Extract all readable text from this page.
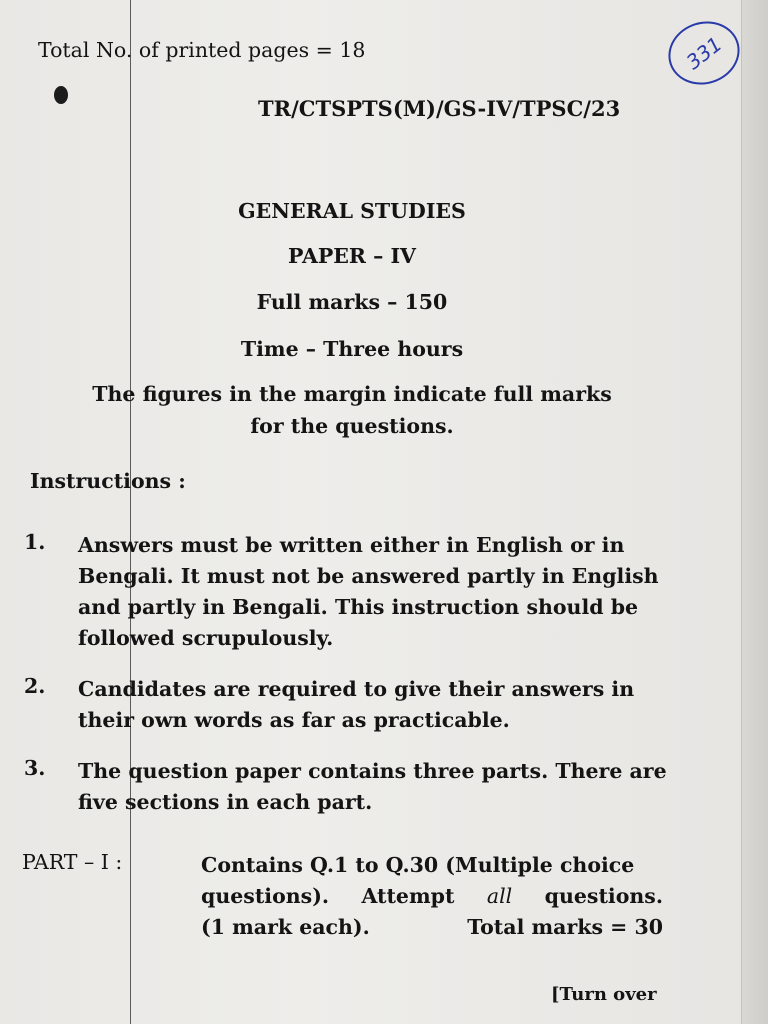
331
Total No. of printed pages = 18
TR/CTSPTS(M)/GS-IV/TPSC/23
GENERAL STUDIES
PAPER – IV
Full marks – 150
Time – Three hours
The figures in the margin indicate full marks
for the questions.
Instructions :
1. Answers must be written either in English or in
Bengali. It must not be answered partly in English
and partly in Bengali. This instruction should be
followed scrupulously.
2. Candidates are required to give their answers in
their own words as far as practicable.
3. The question paper contains three parts. There are
five sections in each part.
PART – I :	Contains Q.1 to Q.30 (Multiple choice
questions). Attempt all questions.
(1 mark each).	Total marks = 30
[Turn over
